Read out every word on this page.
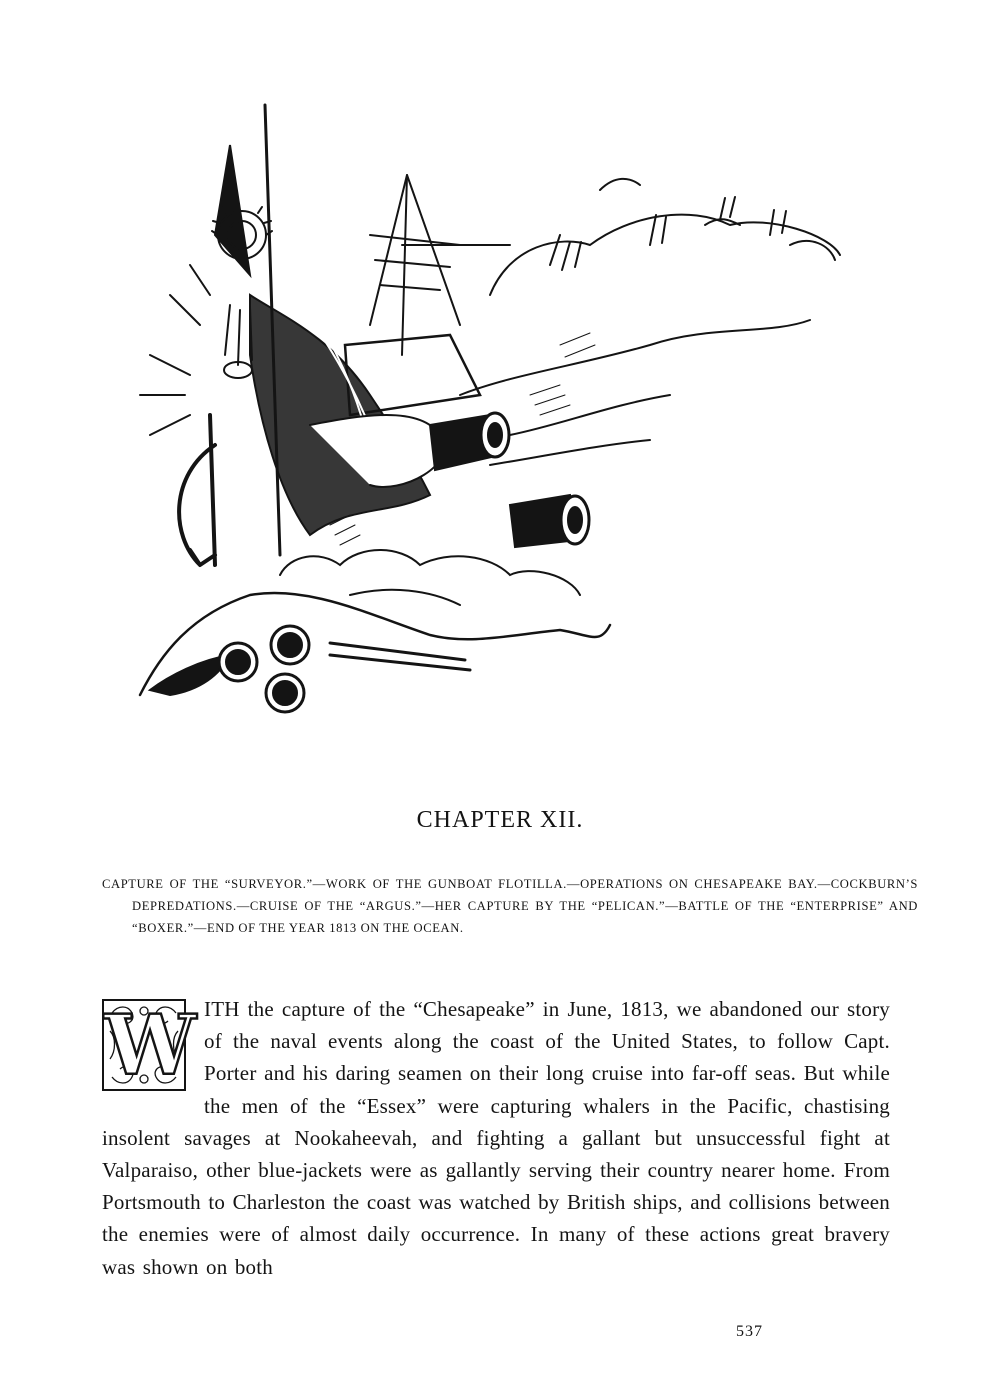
CHAPTER XII.
CAPTURE OF THE “SURVEYOR.”—WORK OF THE GUNBOAT FLOTILLA.—OPERATIONS ON CHESAPEAKE BAY.—COCKBURN’S DEPREDATIONS.—CRUISE OF THE “ARGUS.”—HER CAPTURE BY THE “PELICAN.”—BATTLE OF THE “ENTERPRISE” AND “BOXER.”—END OF THE YEAR 1813 ON THE OCEAN.
W ITH the capture of the “Chesapeake” in June, 1813, we abandoned our story of the naval events along the coast of the United States, to follow Capt. Porter and his daring seamen on their long cruise into far-off seas. But while the men of the “Essex” were capturing whalers in the Pacific, chastising insolent savages at Nookaheevah, and fighting a gallant but unsuccessful fight at Valparaiso, other blue-jackets were as gallantly serving their country nearer home. From Portsmouth to Charleston the coast was watched by British ships, and collisions between the enemies were of almost daily occurrence. In many of these actions great bravery was shown on both
537
